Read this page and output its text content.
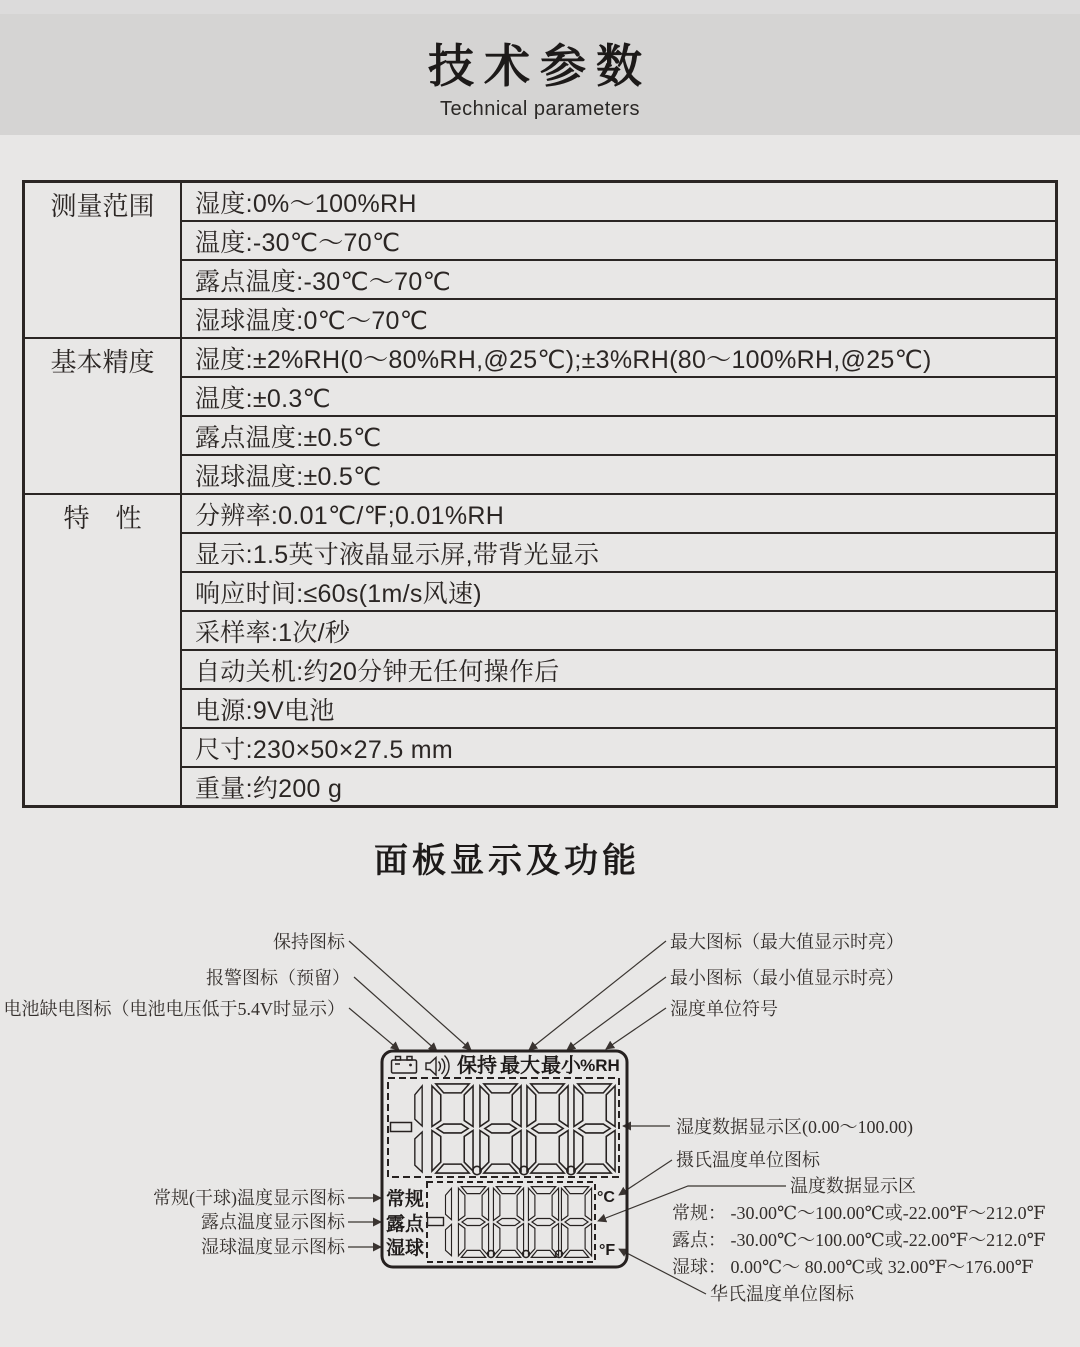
技术参数

Technical parameters

测量范围	湿度:0%～100%RH
	温度:-30℃～70℃
	露点温度:-30℃～70℃
	湿球温度:0℃～70℃
基本精度	湿度:±2%RH(0～80%RH,@25℃);±3%RH(80～100%RH,@25℃)
	温度:±0.3℃
	露点温度:±0.5℃
	湿球温度:±0.5℃
特　性	分辨率:0.01℃/℉;0.01%RH
	显示:1.5英寸液晶显示屏,带背光显示
	响应时间:≤60s(1m/s风速)
	采样率:1次/秒
	自动关机:约20分钟无任何操作后
	电源:9V电池
	尺寸:230×50×27.5 mm
	重量:约200 g
面板显示及功能
保持图标
报警图标（预留）
电池缺电图标（电池电压低于5.4V时显示）
最大图标（最大值显示时亮）
最小图标（最小值显示时亮）
湿度单位符号
湿度数据显示区(0.00～100.00)
摄氏温度单位图标
温度数据显示区
常规： -30.00℃～100.00℃或-22.00℉～212.0℉
露点： -30.00℃～100.00℃或-22.00℉～212.0℉
湿球： 0.00℃～ 80.00℃或 32.00℉～176.00℉
华氏温度单位图标
常规(干球)温度显示图标
露点温度显示图标
湿球温度显示图标
保持 最大 最小 %RH
常规
露点
湿球
°C
°F
